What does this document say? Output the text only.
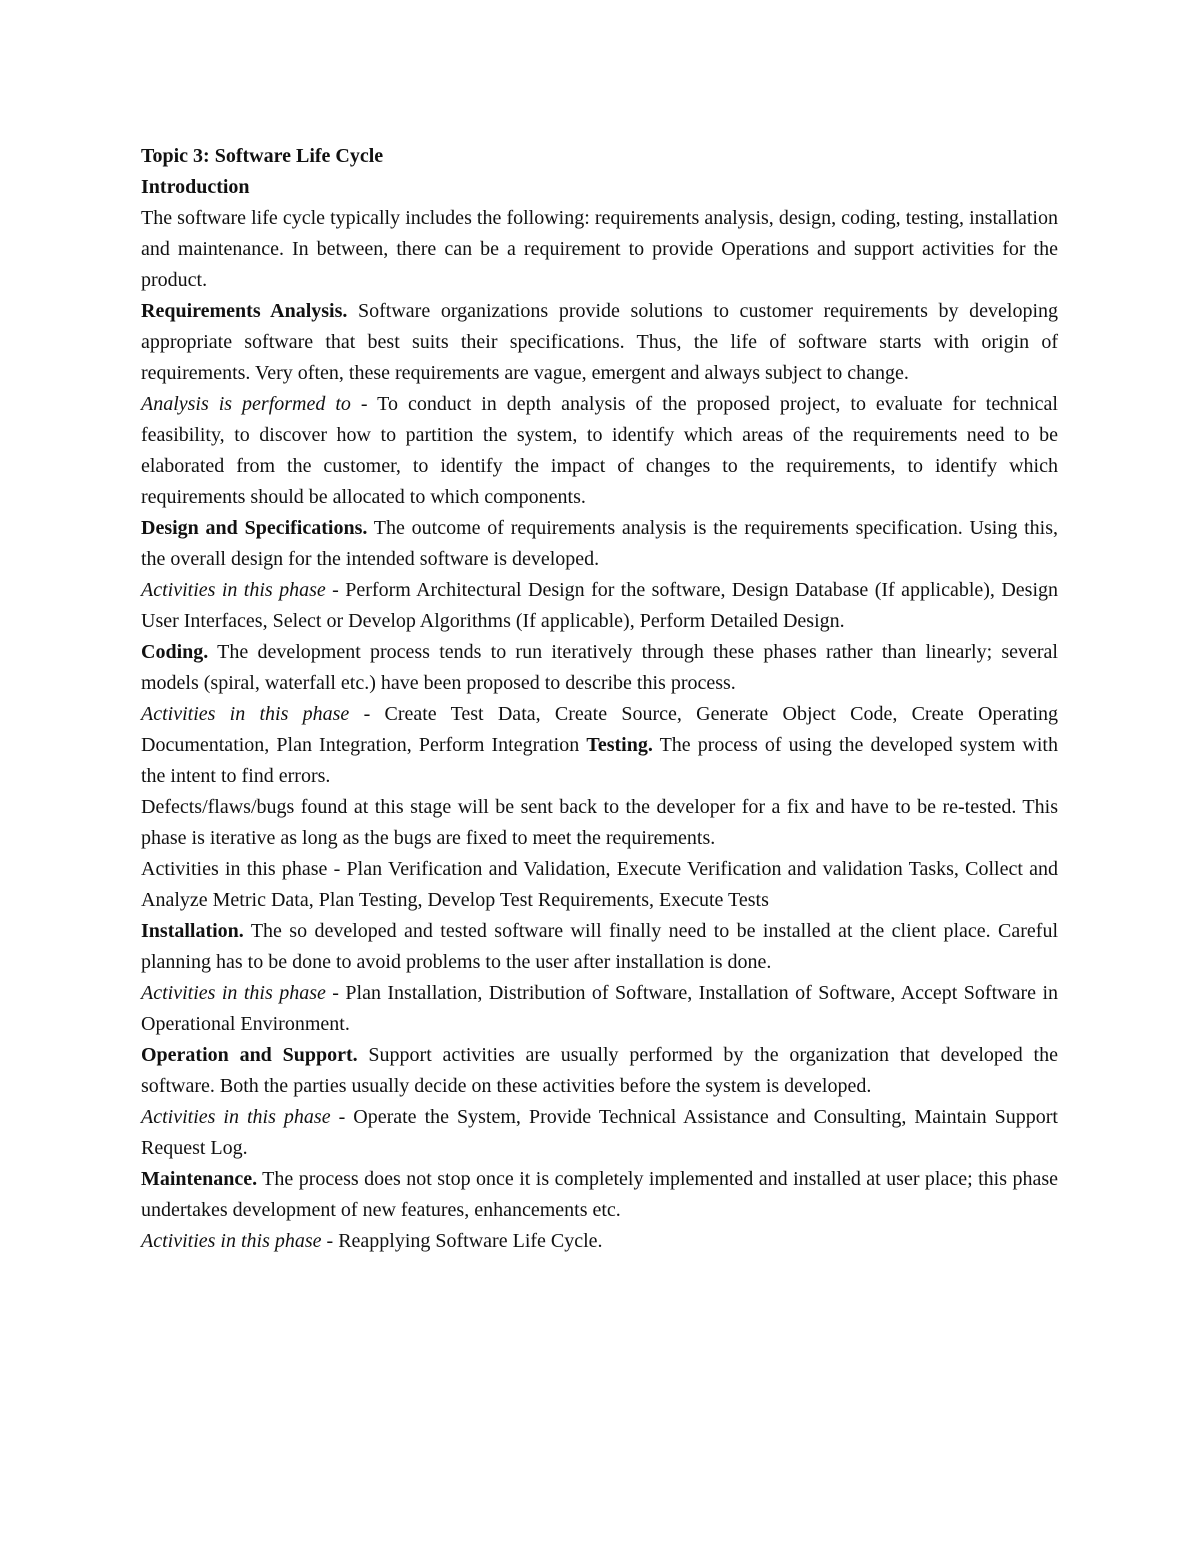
Topic 3: Software Life Cycle

Introduction

The software life cycle typically includes the following: requirements analysis, design, coding, testing, installation and maintenance. In between, there can be a requirement to provide Operations and support activities for the product.

Requirements Analysis. Software organizations provide solutions to customer requirements by developing appropriate software that best suits their specifications. Thus, the life of software starts with origin of requirements. Very often, these requirements are vague, emergent and always subject to change.

Analysis is performed to - To conduct in depth analysis of the proposed project, to evaluate for technical feasibility, to discover how to partition the system, to identify which areas of the requirements need to be elaborated from the customer, to identify the impact of changes to the requirements, to identify which requirements should be allocated to which components.

Design and Specifications. The outcome of requirements analysis is the requirements specification. Using this, the overall design for the intended software is developed.

Activities in this phase - Perform Architectural Design for the software, Design Database (If applicable), Design User Interfaces, Select or Develop Algorithms (If applicable), Perform Detailed Design.

Coding. The development process tends to run iteratively through these phases rather than linearly; several models (spiral, waterfall etc.) have been proposed to describe this process.

Activities in this phase - Create Test Data, Create Source, Generate Object Code, Create Operating Documentation, Plan Integration, Perform Integration Testing. The process of using the developed system with the intent to find errors.

Defects/flaws/bugs found at this stage will be sent back to the developer for a fix and have to be re-tested. This phase is iterative as long as the bugs are fixed to meet the requirements.

Activities in this phase - Plan Verification and Validation, Execute Verification and validation Tasks, Collect and Analyze Metric Data, Plan Testing, Develop Test Requirements, Execute Tests

Installation. The so developed and tested software will finally need to be installed at the client place. Careful planning has to be done to avoid problems to the user after installation is done.

Activities in this phase - Plan Installation, Distribution of Software, Installation of Software, Accept Software in Operational Environment.

Operation and Support. Support activities are usually performed by the organization that developed the software. Both the parties usually decide on these activities before the system is developed.

Activities in this phase - Operate the System, Provide Technical Assistance and Consulting, Maintain Support Request Log.

Maintenance. The process does not stop once it is completely implemented and installed at user place; this phase undertakes development of new features, enhancements etc.

Activities in this phase - Reapplying Software Life Cycle.
